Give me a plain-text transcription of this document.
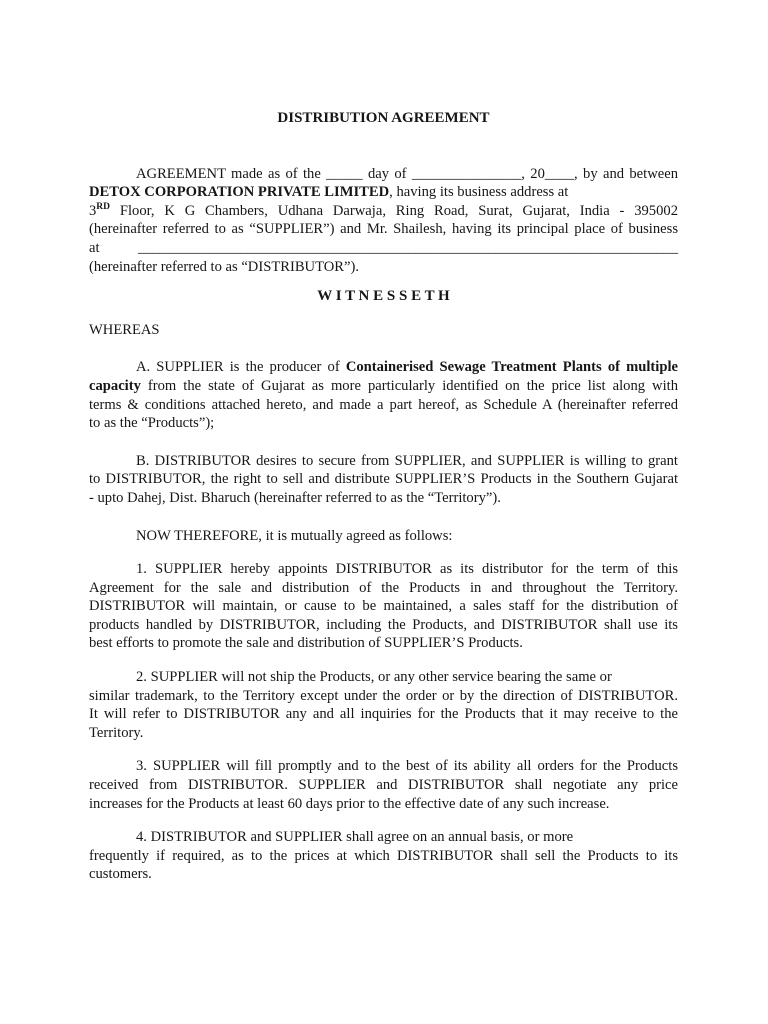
DISTRIBUTION AGREEMENT
AGREEMENT made as of the _____ day of _______________, 20____, by and between
DETOX CORPORATION PRIVATE LIMITED, having its business address at
3RD Floor, K G Chambers, Udhana Darwaja, Ring Road, Surat, Gujarat, India - 395002
(hereinafter referred to as “SUPPLIER”) and Mr. Shailesh, having its principal place of business
at __________________________________________________________________________
(hereinafter referred to as “DISTRIBUTOR”).
W I T N E S S E T H
WHEREAS
A. SUPPLIER is the producer of Containerised Sewage Treatment Plants of multiple
capacity from the state of Gujarat as more particularly identified on the price list along with
terms & conditions attached hereto, and made a part hereof, as Schedule A (hereinafter referred
to as the “Products”);
B. DISTRIBUTOR desires to secure from SUPPLIER, and SUPPLIER is willing to grant
to DISTRIBUTOR, the right to sell and distribute SUPPLIER’S Products in the Southern Gujarat
- upto Dahej, Dist. Bharuch (hereinafter referred to as the “Territory”).
NOW THEREFORE, it is mutually agreed as follows:
1. SUPPLIER hereby appoints DISTRIBUTOR as its distributor for the term of this
Agreement for the sale and distribution of the Products in and throughout the Territory.
DISTRIBUTOR will maintain, or cause to be maintained, a sales staff for the distribution of
products handled by DISTRIBUTOR, including the Products, and DISTRIBUTOR shall use its
best efforts to promote the sale and distribution of SUPPLIER’S Products.
2. SUPPLIER will not ship the Products, or any other service bearing the same or
similar trademark, to the Territory except under the order or by the direction of DISTRIBUTOR.
It will refer to DISTRIBUTOR any and all inquiries for the Products that it may receive to the
Territory.
3. SUPPLIER will fill promptly and to the best of its ability all orders for the Products
received from DISTRIBUTOR. SUPPLIER and DISTRIBUTOR shall negotiate any price
increases for the Products at least 60 days prior to the effective date of any such increase.
4. DISTRIBUTOR and SUPPLIER shall agree on an annual basis, or more
frequently if required, as to the prices at which DISTRIBUTOR shall sell the Products to its
customers.
